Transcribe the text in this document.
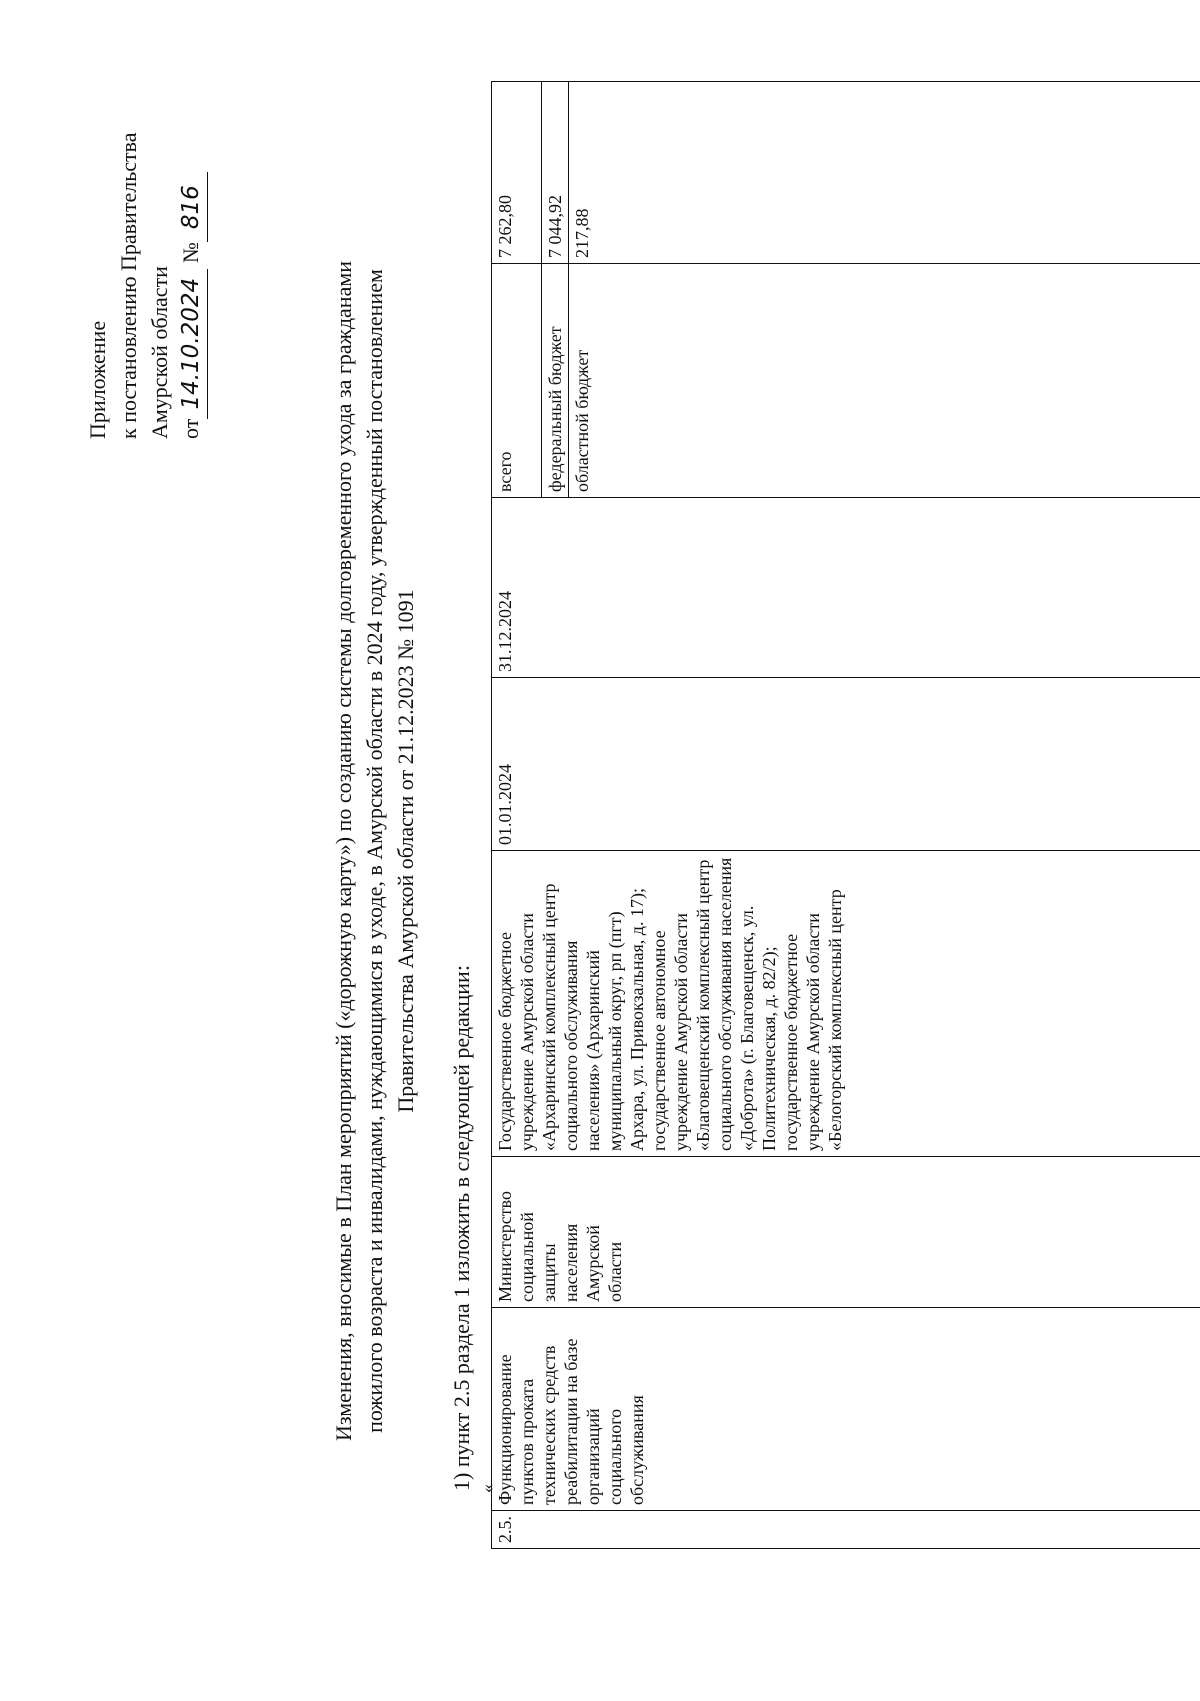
Приложение к постановлению Правительства Амурской области от14.10.2024 №816
Изменения, вносимые в План мероприятий («дорожную карту») по созданию системы долговременного ухода за гражданами пожилого возраста и инвалидами, нуждающимися в уходе, в Амурской области в 2024 году, утвержденный постановлением Правительства Амурской области от 21.12.2023 № 1091
1) пункт 2.5 раздела 1 изложить в следующей редакции: «
2.5.	Функционирование пунктов проката технических средств реабилитации на базе организаций социального обслуживания	Министерство социальной защиты населения Амурской области	Государственное бюджетное учреждение Амурской области «Архаринский комплексный центр социального обслуживания населения» (Архаринский муниципальный округ, рп (пгт) Архара, ул. Привокзальная, д. 17); государственное автономное учреждение Амурской области «Благовещенский комплексный центр социального обслуживания населения «Доброта» (г. Благовещенск, ул. Политехническая, д. 82/2); государственное бюджетное учреждение Амурской области «Белогорский комплексный центр	01.01.2024	31.12.2024	всего	7 262,80
						федеральный бюджет	7 044,92
						областной бюджет	217,88
